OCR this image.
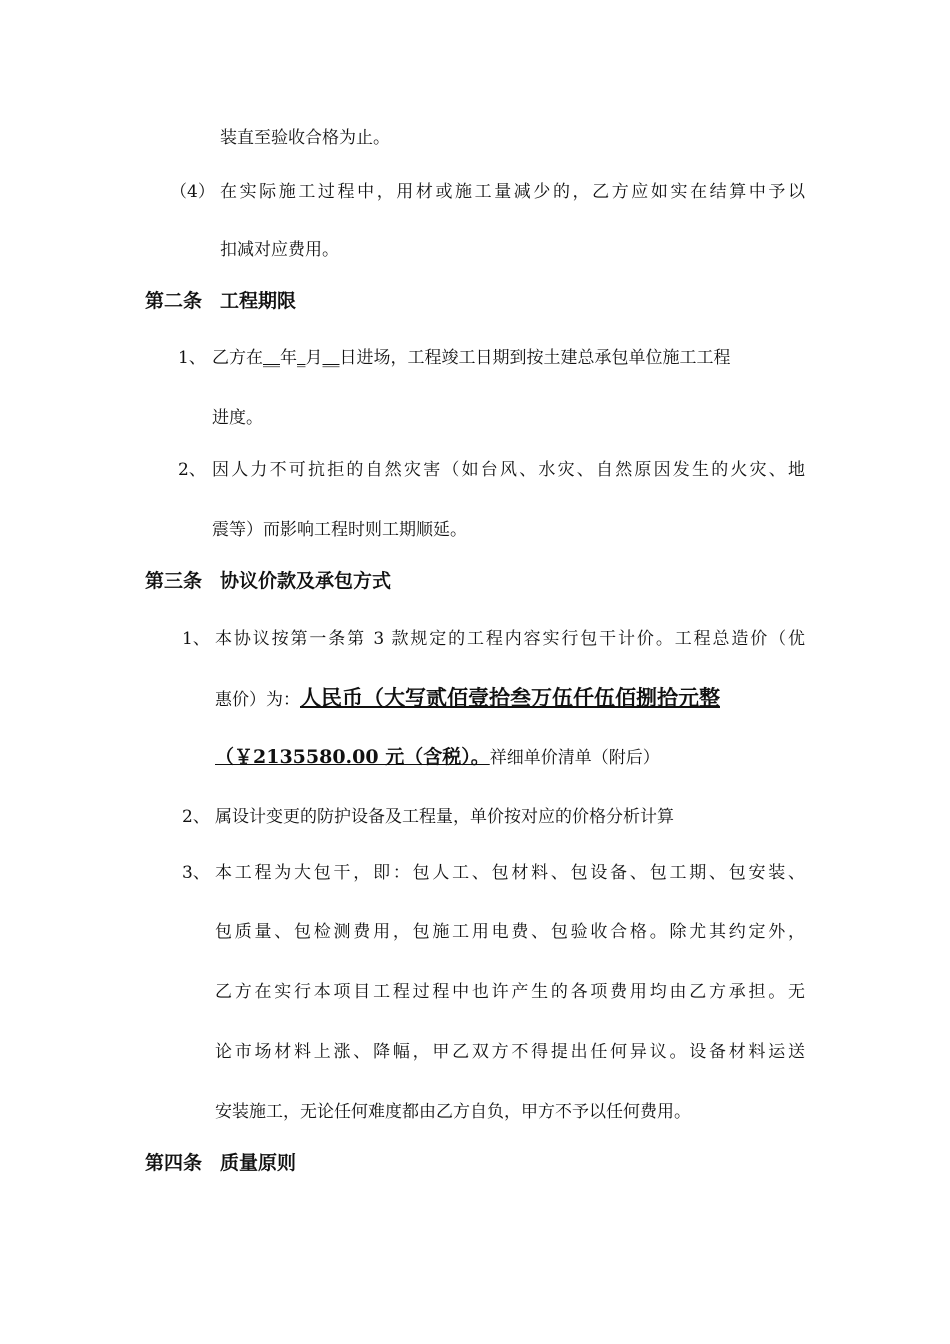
装直至验收合格为止。
（4） 在实际施工过程中，用材或施工量减少的，乙方应如实在结算中予以
扣减对应费用。
第二条 工程期限
1、 乙方在__年_月__日进场，工程竣工日期到按土建总承包单位施工工程
进度。
2、 因人力不可抗拒的自然灾害（如台风、水灾、自然原因发生的火灾、地
震等）而影响工程时则工期顺延。
第三条 协议价款及承包方式
1、 本协议按第一条第 3 款规定的工程内容实行包干计价。工程总造价（优
惠价）为：人民币（大写贰佰壹拾叁万伍仟伍佰捌拾元整
（￥2135580.00 元（含税）。祥细单价清单（附后）
2、 属设计变更的防护设备及工程量，单价按对应的价格分析计算
3、 本工程为大包干，即：包人工、包材料、包设备、包工期、包安装、
包质量、包检测费用，包施工用电费、包验收合格。除尤其约定外，
乙方在实行本项目工程过程中也许产生的各项费用均由乙方承担。无
论市场材料上涨、降幅，甲乙双方不得提出任何异议。设备材料运送
安装施工，无论任何难度都由乙方自负，甲方不予以任何费用。
第四条 质量原则
